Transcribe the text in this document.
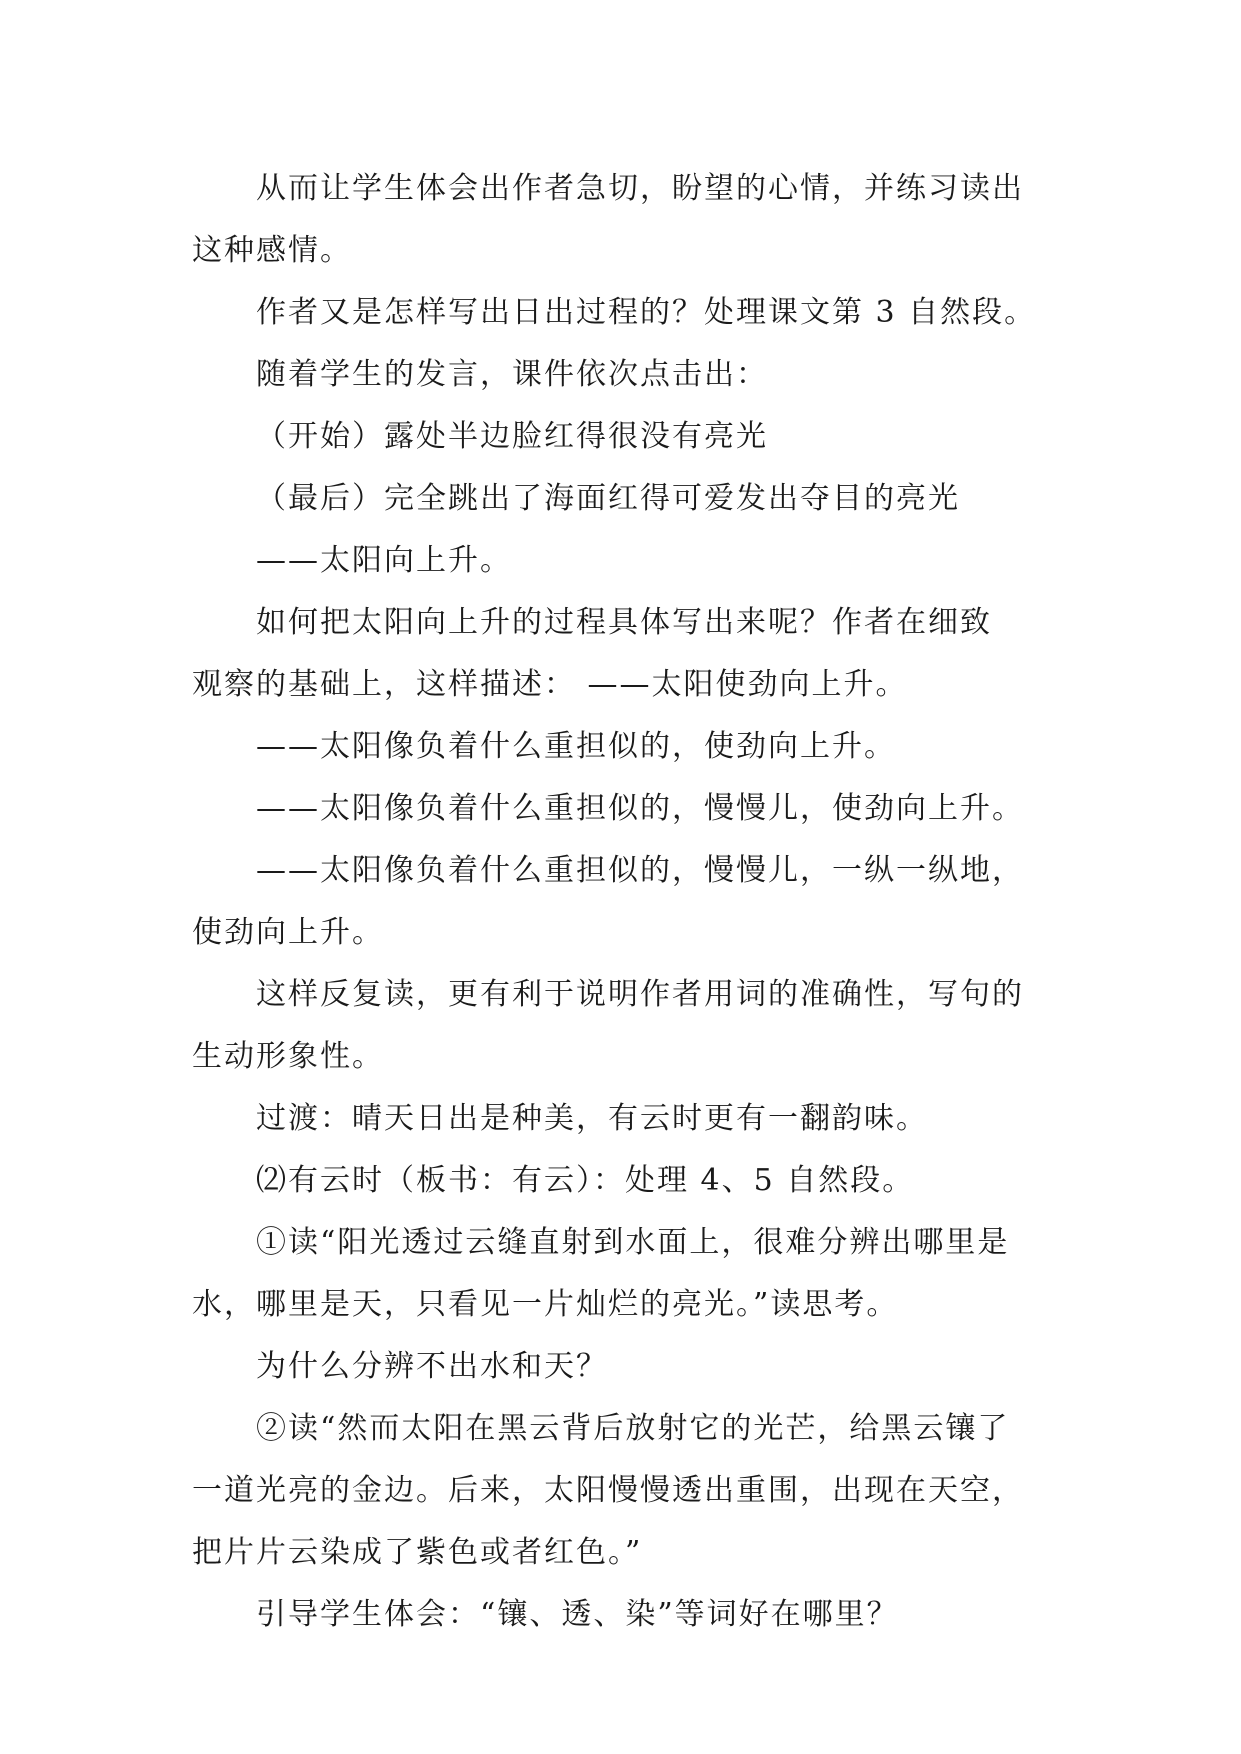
从而让学生体会出作者急切，盼望的心情，并练习读出
这种感情。
作者又是怎样写出日出过程的？处理课文第 3 自然段。
随着学生的发言，课件依次点击出：
（开始）露处半边脸红得很没有亮光
（最后）完全跳出了海面红得可爱发出夺目的亮光
——太阳向上升。
如何把太阳向上升的过程具体写出来呢？作者在细致
观察的基础上，这样描述： ——太阳使劲向上升。
——太阳像负着什么重担似的，使劲向上升。
——太阳像负着什么重担似的，慢慢儿，使劲向上升。
——太阳像负着什么重担似的，慢慢儿，一纵一纵地，
使劲向上升。
这样反复读，更有利于说明作者用词的准确性，写句的
生动形象性。
过渡：晴天日出是种美，有云时更有一翻韵味。
⑵有云时（板书：有云）：处理 4、5 自然段。
①读“阳光透过云缝直射到水面上，很难分辨出哪里是
水，哪里是天，只看见一片灿烂的亮光。”读思考。
为什么分辨不出水和天？
②读“然而太阳在黑云背后放射它的光芒，给黑云镶了
一道光亮的金边。后来，太阳慢慢透出重围，出现在天空，
把片片云染成了紫色或者红色。”
引导学生体会：“镶、透、染”等词好在哪里？
